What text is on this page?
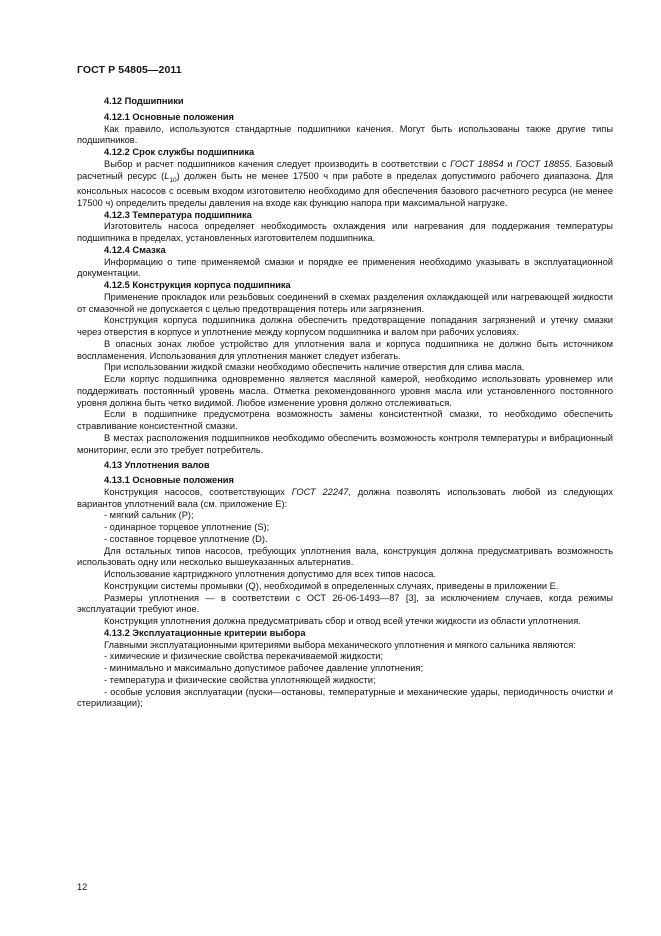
ГОСТ Р 54805—2011

4.12 Подшипники

4.12.1 Основные положения

Как правило, используются стандартные подшипники качения. Могут быть использованы также другие типы подшипников.

4.12.2 Срок службы подшипника

Выбор и расчет подшипников качения следует производить в соответствии с ГОСТ 18854 и ГОСТ 18855. Базовый расчетный ресурс $(L_{10})$ должен быть не менее 17500 ч при работе в пределах допустимого рабочего диапазона. Для консольных насосов с осевым входом изготовителю необходимо для обеспечения базового расчетного ресурса (не менее 17500 ч) определить пределы давления на входе как функцию напора при максимальной нагрузке.

4.12.3 Температура подшипника

Изготовитель насоса определяет необходимость охлаждения или нагревания для поддержания температуры подшипника в пределах, установленных изготовителем подшипника.

4.12.4 Смазка

Информацию о типе применяемой смазки и порядке ее применения необходимо указывать в эксплуатационной документации.

4.12.5 Конструкция корпуса подшипника

Применение прокладок или резьбовых соединений в схемах разделения охлаждающей или нагревающей жидкости от смазочной не допускается с целью предотвращения потерь или загрязнения.

Конструкция корпуса подшипника должна обеспечить предотвращение попадания загрязнений и утечку смазки через отверстия в корпусе и уплотнение между корпусом подшипника и валом при рабочих условиях.

В опасных зонах любое устройство для уплотнения вала и корпуса подшипника не должно быть источником воспламенения. Использования для уплотнения манжет следует избегать.

При использовании жидкой смазки необходимо обеспечить наличие отверстия для слива масла.

Если корпус подшипника одновременно является масляной камерой, необходимо использовать уровнемер или поддерживать постоянный уровень масла. Отметка рекомендованного уровня масла или установленного постоянного уровня должна быть четко видимой. Любое изменение уровня должно отслеживаться.

Если в подшипнике предусмотрена возможность замены консистентной смазки, то необходимо обеспечить стравливание консистентной смазки.

В местах расположения подшипников необходимо обеспечить возможность контроля температуры и вибрационный мониторинг, если это требует потребитель.

4.13 Уплотнения валов

4.13.1 Основные положения

Конструкция насосов, соответствующих ГОСТ 22247, должна позволять использовать любой из следующих вариантов уплотнений вала (см. приложение Е):

- мягкий сальник (P);

- одинарное торцевое уплотнение (S);

- составное торцевое уплотнение (D).

Для остальных типов насосов, требующих уплотнения вала, конструкция должна предусматривать возможность использовать одну или несколько вышеуказанных альтернатив.

Использование картриджного уплотнения допустимо для всех типов насоса.

Конструкции системы промывки (Q), необходимой в определенных случаях, приведены в приложении Е.

Размеры уплотнения — в соответствии с ОСТ 26-06-1493—87 [3], за исключением случаев, когда режимы эксплуатации требуют иное.

Конструкция уплотнения должна предусматривать сбор и отвод всей утечки жидкости из области уплотнения.

4.13.2 Эксплуатационные критерии выбора

Главными эксплуатационными критериями выбора механического уплотнения и мягкого сальника являются:

- химические и физические свойства перекачиваемой жидкости;

- минимально и максимально допустимое рабочее давление уплотнения;

- температура и физические свойства уплотняющей жидкости;

- особые условия эксплуатации (пуски—остановы, температурные и механические удары, периодичность очистки и стерилизации);

12
